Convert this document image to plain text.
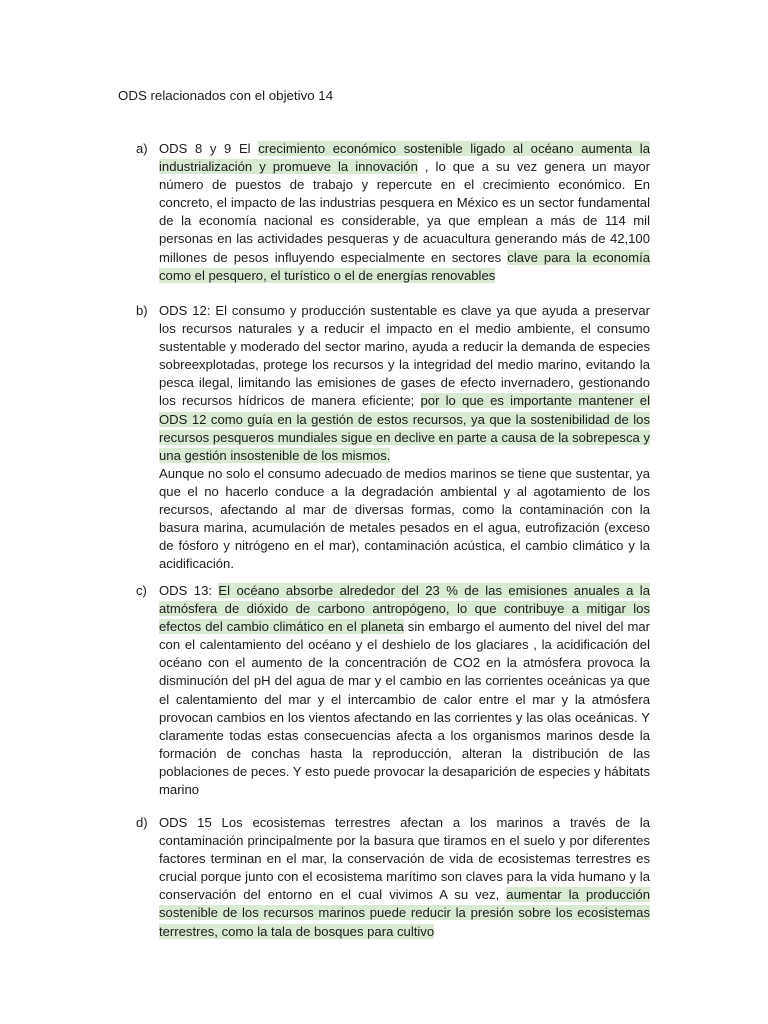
ODS relacionados con el objetivo 14
a) ODS 8 y 9 El crecimiento económico sostenible ligado al océano aumenta la industrialización y promueve la innovación , lo que a su vez genera un mayor número de puestos de trabajo y repercute en el crecimiento económico. En concreto, el impacto de las industrias pesquera en México es un sector fundamental de la economía nacional es considerable, ya que emplean a más de 114 mil personas en las actividades pesqueras y de acuacultura generando más de 42,100 millones de pesos influyendo especialmente en sectores clave para la economía como el pesquero, el turístico o el de energías renovables
b) ODS 12: El consumo y producción sustentable es clave ya que ayuda a preservar los recursos naturales y a reducir el impacto en el medio ambiente, el consumo sustentable y moderado del sector marino, ayuda a reducir la demanda de especies sobreexplotadas, protege los recursos y la integridad del medio marino, evitando la pesca ilegal, limitando las emisiones de gases de efecto invernadero, gestionando los recursos hídricos de manera eficiente; por lo que es importante mantener el ODS 12 como guía en la gestión de estos recursos, ya que la sostenibilidad de los recursos pesqueros mundiales sigue en declive en parte a causa de la sobrepesca y una gestión insostenible de los mismos.
Aunque no solo el consumo adecuado de medios marinos se tiene que sustentar, ya que el no hacerlo conduce a la degradación ambiental y al agotamiento de los recursos, afectando al mar de diversas formas, como la contaminación con la basura marina, acumulación de metales pesados en el agua, eutrofización (exceso de fósforo y nitrógeno en el mar), contaminación acústica, el cambio climático y la acidificación.
c) ODS 13: El océano absorbe alrededor del 23 % de las emisiones anuales a la atmósfera de dióxido de carbono antropógeno, lo que contribuye a mitigar los efectos del cambio climático en el planeta sin embargo el aumento del nivel del mar con el calentamiento del océano y el deshielo de los glaciares , la acidificación del océano con el aumento de la concentración de CO2 en la atmósfera provoca la disminución del pH del agua de mar y el cambio en las corrientes oceánicas ya que el calentamiento del mar y el intercambio de calor entre el mar y la atmósfera provocan cambios en los vientos afectando en las corrientes y las olas oceánicas. Y claramente todas estas consecuencias afecta a los organismos marinos desde la formación de conchas hasta la reproducción, alteran la distribución de las poblaciones de peces. Y esto puede provocar la desaparición de especies y hábitats marino
d) ODS 15 Los ecosistemas terrestres afectan a los marinos a través de la contaminación principalmente por la basura que tiramos en el suelo y por diferentes factores terminan en el mar, la conservación de vida de ecosistemas terrestres es crucial porque junto con el ecosistema marítimo son claves para la vida humano y la conservación del entorno en el cual vivimos A su vez, aumentar la producción sostenible de los recursos marinos puede reducir la presión sobre los ecosistemas terrestres, como la tala de bosques para cultivo
